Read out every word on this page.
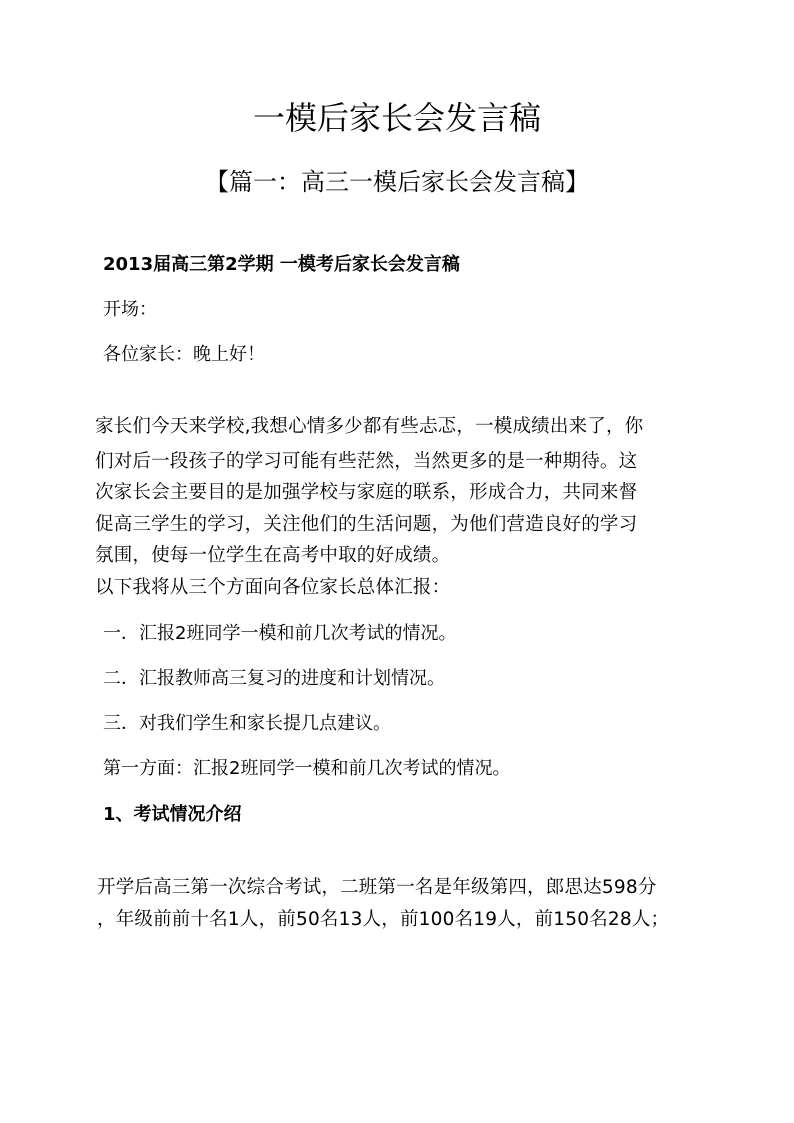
一模后家长会发言稿
【篇一：高三一模后家长会发言稿】
2013届高三第2学期 一模考后家长会发言稿
开场：
各位家长：晚上好！
家长们今天来学校,我想心情多少都有些忐忑，一模成绩出来了，你
们对后一段孩子的学习可能有些茫然，当然更多的是一种期待。这
次家长会主要目的是加强学校与家庭的联系，形成合力，共同来督
促高三学生的学习，关注他们的生活问题，为他们营造良好的学习
氛围，使每一位学生在高考中取的好成绩。
以下我将从三个方面向各位家长总体汇报：
一．汇报2班同学一模和前几次考试的情况。
二．汇报教师高三复习的进度和计划情况。
三．对我们学生和家长提几点建议。
第一方面：汇报2班同学一模和前几次考试的情况。
1、考试情况介绍
开学后高三第一次综合考试，二班第一名是年级第四，郎思达598分
，年级前前十名1人，前50名13人，前100名19人，前150名28人；
